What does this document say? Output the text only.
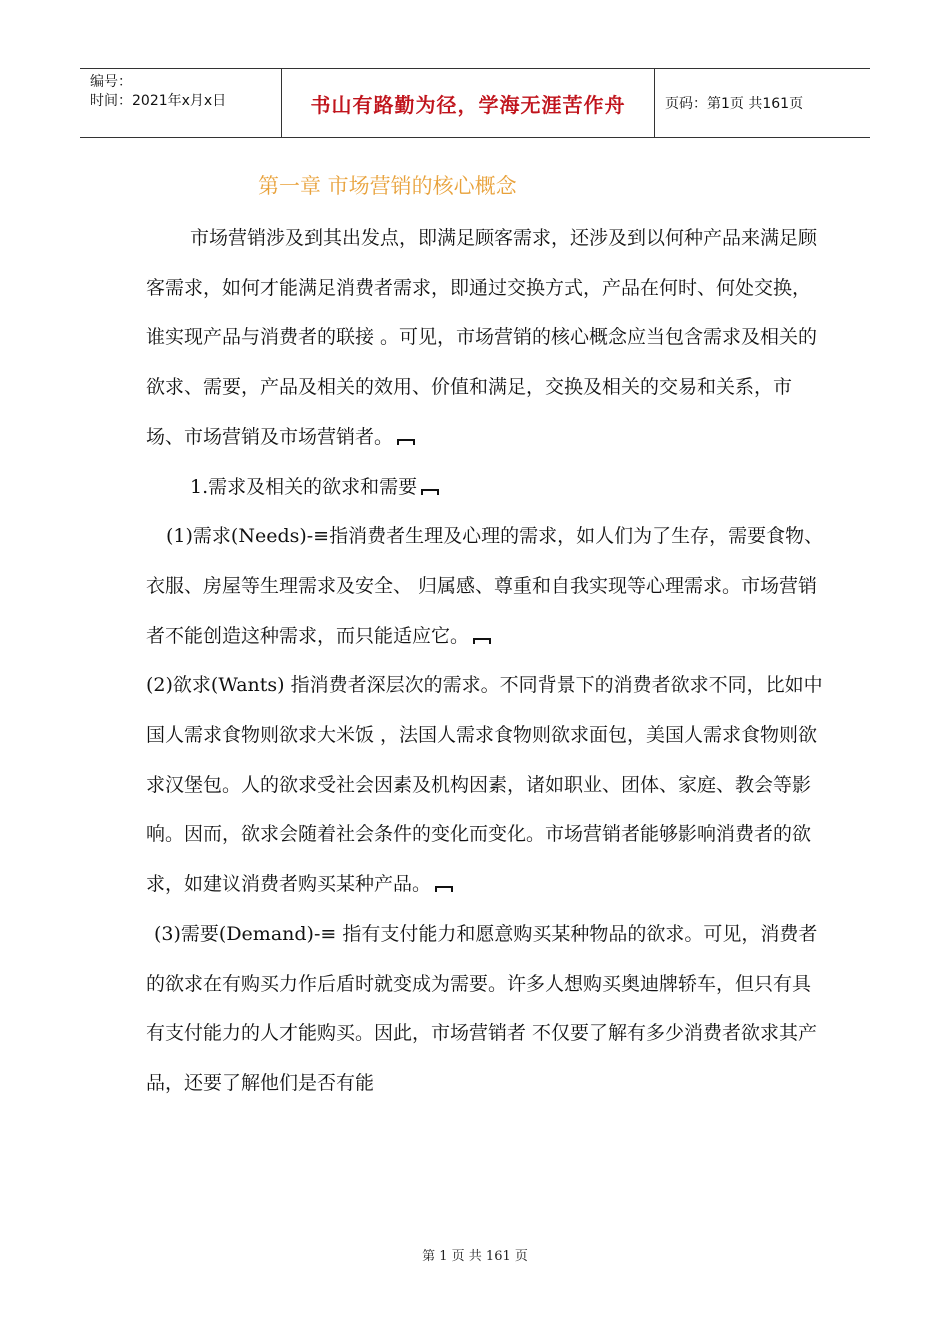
编号：
时间：2021年x月x日	书山有路勤为径，学海无涯苦作舟	页码：第1页 共161页
第一章 市场营销的核心概念

市场营销涉及到其出发点，即满足顾客需求，还涉及到以何种产品来满足顾客需求，如何才能满足消费者需求，即通过交换方式，产品在何时、何处交换，谁实现产品与消费者的联接 。可见，市场营销的核心概念应当包含需求及相关的欲求、需要，产品及相关的效用、价值和满足，交换及相关的交易和关系，市场、市场营销及市场营销者。

1.需求及相关的欲求和需要

(1)需求(Needs)-≡指消费者生理及心理的需求，如人们为了生存，需要食物、衣服、房屋等生理需求及安全、 归属感、尊重和自我实现等心理需求。市场营销者不能创造这种需求，而只能适应它。

(2)欲求(Wants) 指消费者深层次的需求。不同背景下的消费者欲求不同，比如中国人需求食物则欲求大米饭 ，法国人需求食物则欲求面包，美国人需求食物则欲求汉堡包。人的欲求受社会因素及机构因素，诸如职业、团体、家庭、教会等影响。因而，欲求会随着社会条件的变化而变化。市场营销者能够影响消费者的欲求，如建议消费者购买某种产品。

(3)需要(Demand)-≡ 指有支付能力和愿意购买某种物品的欲求。可见，消费者的欲求在有购买力作后盾时就变成为需要。许多人想购买奥迪牌轿车，但只有具有支付能力的人才能购买。因此，市场营销者 不仅要了解有多少消费者欲求其产品，还要了解他们是否有能

第 1 页 共 161 页
